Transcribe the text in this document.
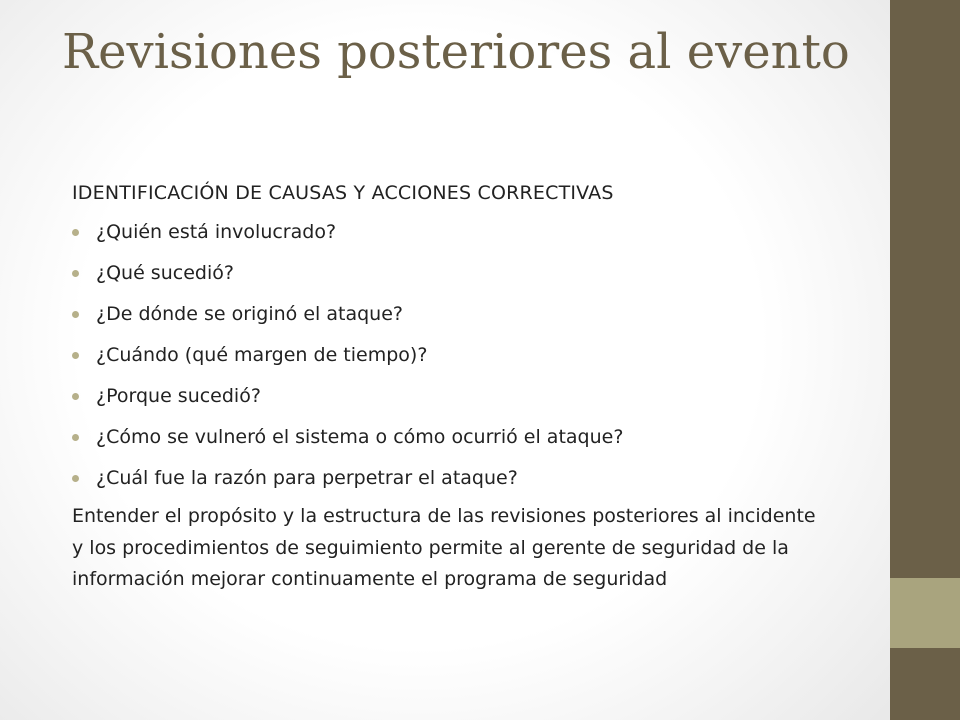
Revisiones posteriores al evento

IDENTIFICACIÓN DE CAUSAS Y ACCIONES CORRECTIVAS

¿Quién está involucrado?
¿Qué sucedió?
¿De dónde se originó el ataque?
¿Cuándo (qué margen de tiempo)?
¿Porque sucedió?
¿Cómo se vulneró el sistema o cómo ocurrió el ataque?
¿Cuál fue la razón para perpetrar el ataque?

Entender el propósito y la estructura de las revisiones posteriores al incidente y los procedimientos de seguimiento permite al gerente de seguridad de la información mejorar continuamente el programa de seguridad
